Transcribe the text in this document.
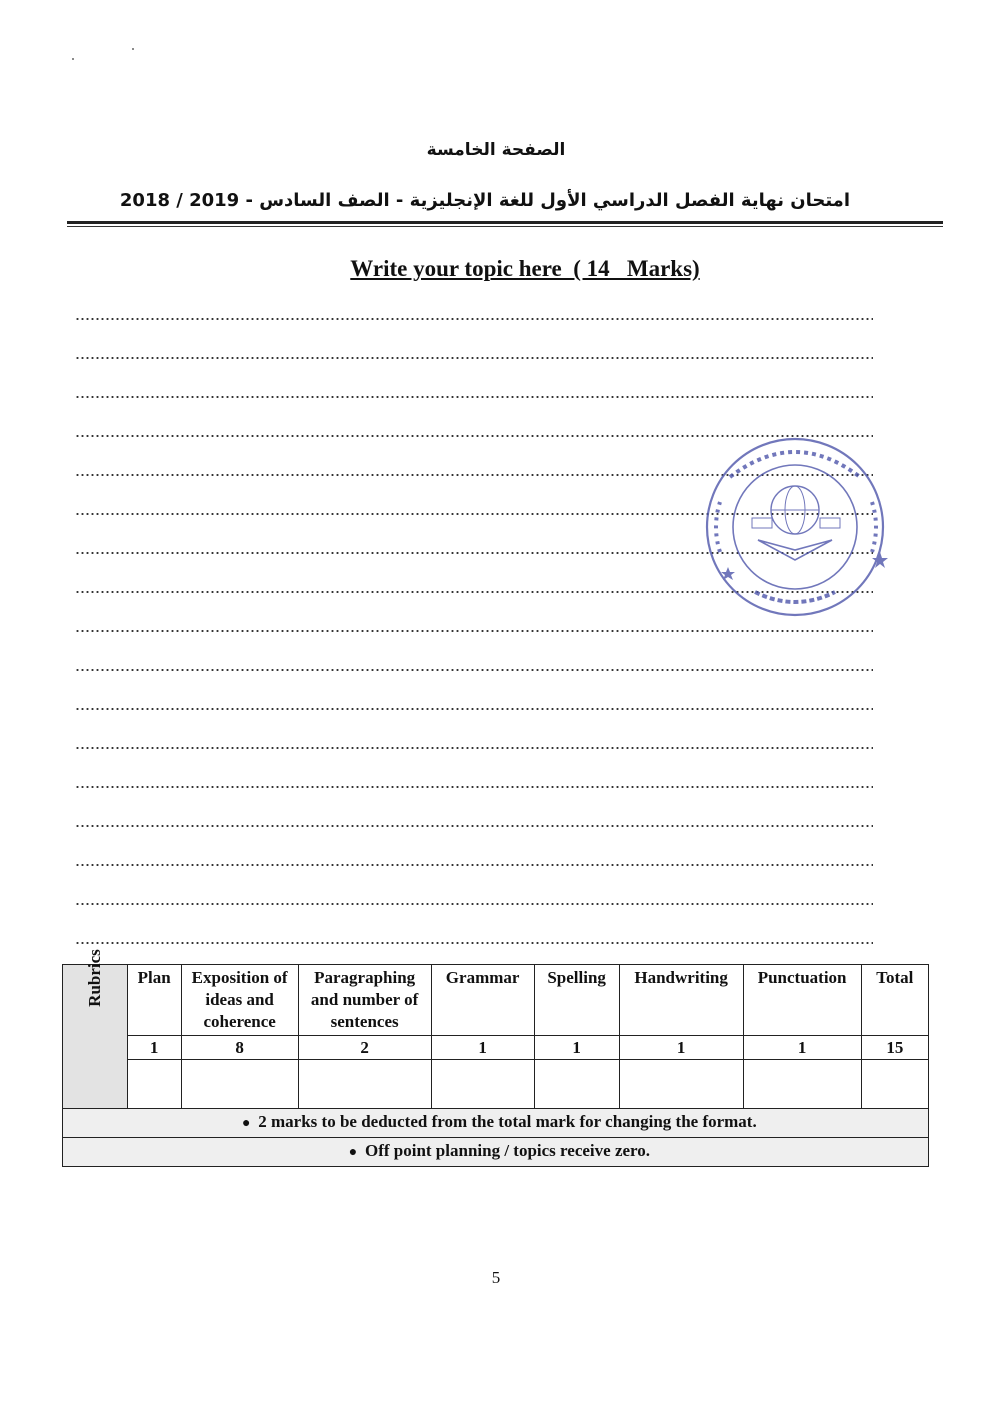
الصفحة الخامسة
امتحان نهاية الفصل الدراسي الأول للغة الإنجليزية - الصف السادس - 2019 / 2018
Write your topic here  ( 14   Marks)
Rubrics	Plan	Exposition of ideas and coherence	Paragraphing and number of sentences	Grammar	Spelling	Handwriting	Punctuation	Total
	1	8	2	1	1	1	1	15

● 2 marks to be deducted from the total mark for changing the format.								
● Off point planning / topics receive zero.								
5
